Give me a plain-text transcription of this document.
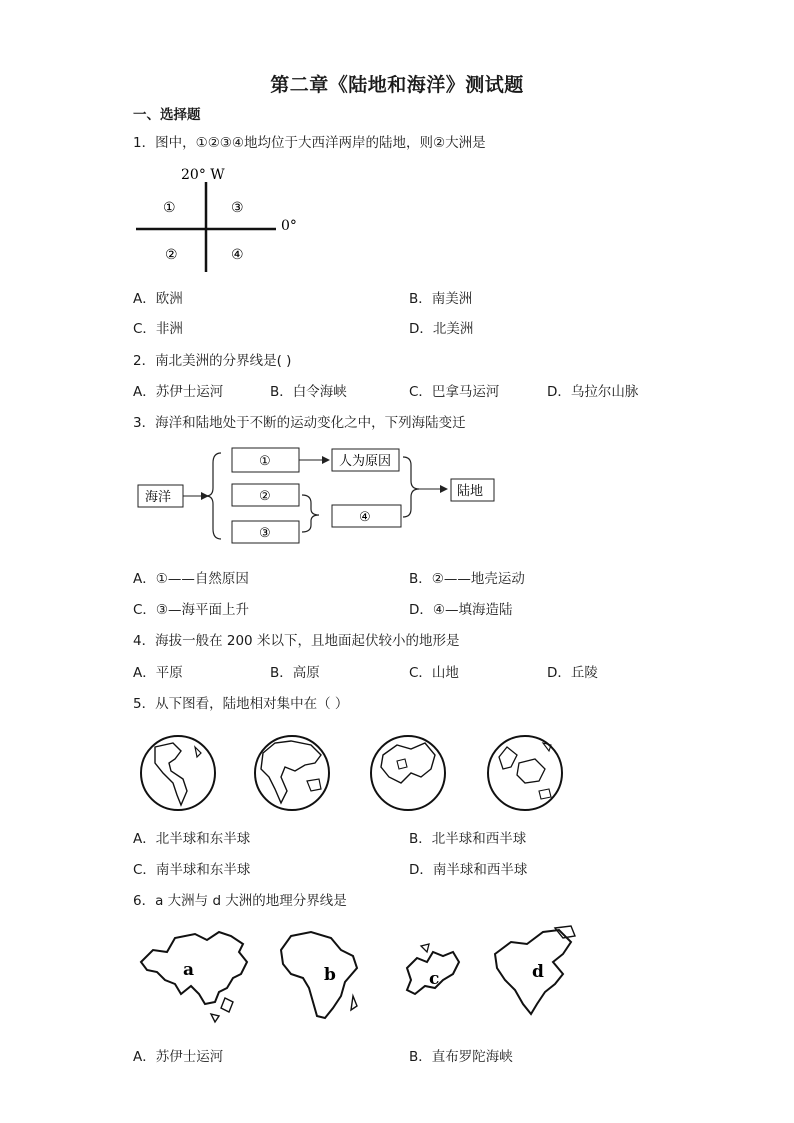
第二章《陆地和海洋》测试题
一、选择题
1．图中，①②③④地均位于大西洋两岸的陆地，则②大洲是
20° W
0°
①	③
②	④
A．欧洲	B．南美洲
C．非洲	D．北美洲
2．南北美洲的分界线是( )
A．苏伊士运河	B．白令海峡	C．巴拿马运河	D．乌拉尔山脉
3．海洋和陆地处于不断的运动变化之中，下列海陆变迁
海洋
①
②
③
人为原因
④
陆地
A．①——自然原因	B．②——地壳运动
C．③—海平面上升	D．④—填海造陆
4．海拔一般在 200 米以下，且地面起伏较小的地形是
A．平原	B．高原	C．山地	D．丘陵
5．从下图看，陆地相对集中在（ ）
A．北半球和东半球	B．北半球和西半球
C．南半球和东半球	D．南半球和西半球
6．a 大洲与 d 大洲的地理分界线是
a	b	c	d
A．苏伊士运河	B．直布罗陀海峡
